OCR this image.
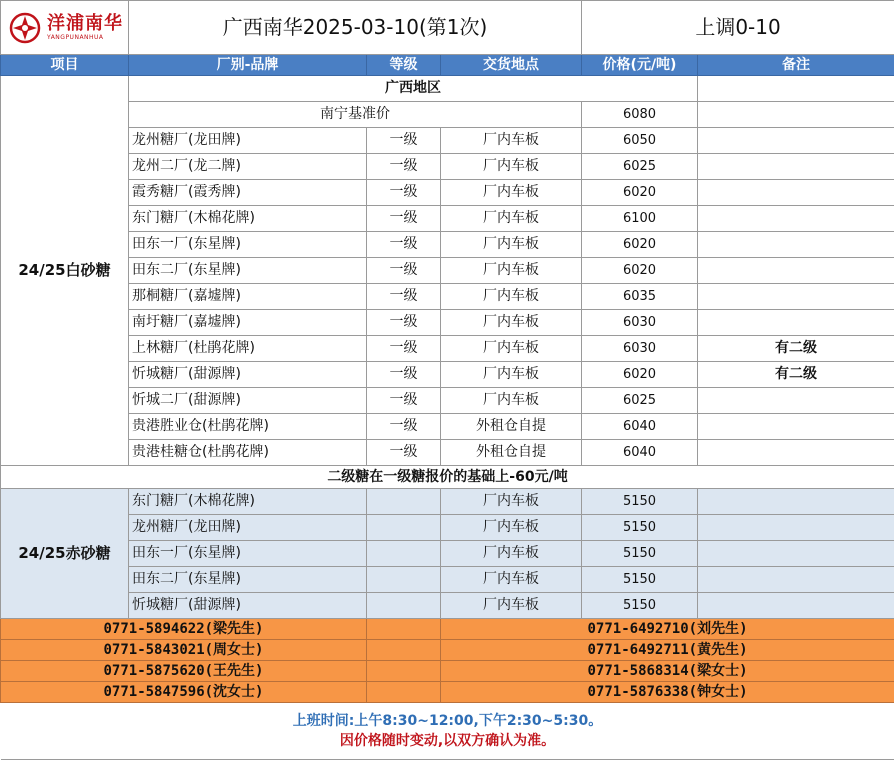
洋浦南华
YANGPUNANHUA	广西南华2025-03-10(第1次)			上调0-10	
项目	厂别-品牌	等级	交货地点	价格(元/吨)	备注
24/25白砂糖	广西地区				
	南宁基准价			6080	
	龙州糖厂(龙田牌)	一级	厂内车板	6050	
	龙州二厂(龙二牌)	一级	厂内车板	6025	
	霞秀糖厂(霞秀牌)	一级	厂内车板	6020	
	东门糖厂(木棉花牌)	一级	厂内车板	6100	
	田东一厂(东星牌)	一级	厂内车板	6020	
	田东二厂(东星牌)	一级	厂内车板	6020	
	那桐糖厂(嘉墟牌)	一级	厂内车板	6035	
	南圩糖厂(嘉墟牌)	一级	厂内车板	6030	
	上林糖厂(杜鹃花牌)	一级	厂内车板	6030	有二级
	忻城糖厂(甜源牌)	一级	厂内车板	6020	有二级
	忻城二厂(甜源牌)	一级	厂内车板	6025	
	贵港胜业仓(杜鹃花牌)	一级	外租仓自提	6040	
	贵港桂糖仓(杜鹃花牌)	一级	外租仓自提	6040	
二级糖在一级糖报价的基础上-60元/吨					
24/25赤砂糖	东门糖厂(木棉花牌)		厂内车板	5150	
	龙州糖厂(龙田牌)		厂内车板	5150	
	田东一厂(东星牌)		厂内车板	5150	
	田东二厂(东星牌)		厂内车板	5150	
	忻城糖厂(甜源牌)		厂内车板	5150	
0771-5894622(梁先生)			0771-6492710(刘先生)		
0771-5843021(周女士)			0771-6492711(黄先生)		
0771-5875620(王先生)			0771-5868314(梁女士)		
0771-5847596(沈女士)			0771-5876338(钟女士)		

上班时间:上午8:30~12:00,下午2:30~5:30。
因价格随时变动,以双方确认为准。					
